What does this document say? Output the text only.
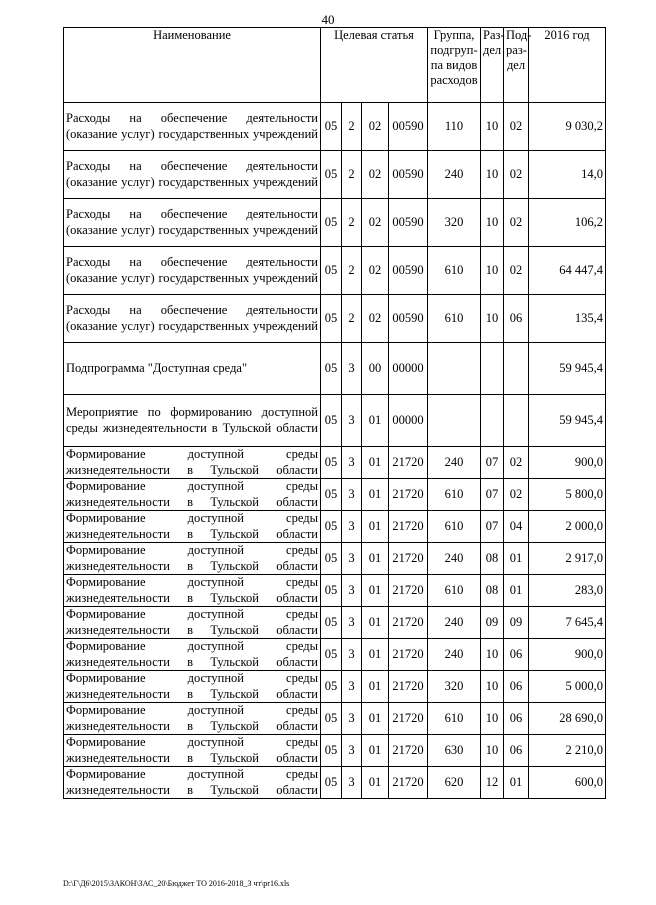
40
Наименование	Целевая статья				Группа, подгруп-па видов расходов	Раз-дел	Под-раз-дел	2016 год
Расходы на обеспечение деятельности (оказание услуг) государственных учреждений	05	2	02	00590	110	10	02	9 030,2
Расходы на обеспечение деятельности (оказание услуг) государственных учреждений	05	2	02	00590	240	10	02	14,0
Расходы на обеспечение деятельности (оказание услуг) государственных учреждений	05	2	02	00590	320	10	02	106,2
Расходы на обеспечение деятельности (оказание услуг) государственных учреждений	05	2	02	00590	610	10	02	64 447,4
Расходы на обеспечение деятельности (оказание услуг) государственных учреждений	05	2	02	00590	610	10	06	135,4
Подпрограмма "Доступная среда"	05	3	00	00000				59 945,4
Мероприятие по формированию доступной среды жизнедеятельности в Тульской области	05	3	01	00000				59 945,4
Формирование доступной среды жизнедеятельности в Тульской области	05	3	01	21720	240	07	02	900,0
Формирование доступной среды жизнедеятельности в Тульской области	05	3	01	21720	610	07	02	5 800,0
Формирование доступной среды жизнедеятельности в Тульской области	05	3	01	21720	610	07	04	2 000,0
Формирование доступной среды жизнедеятельности в Тульской области	05	3	01	21720	240	08	01	2 917,0
Формирование доступной среды жизнедеятельности в Тульской области	05	3	01	21720	610	08	01	283,0
Формирование доступной среды жизнедеятельности в Тульской области	05	3	01	21720	240	09	09	7 645,4
Формирование доступной среды жизнедеятельности в Тульской области	05	3	01	21720	240	10	06	900,0
Формирование доступной среды жизнедеятельности в Тульской области	05	3	01	21720	320	10	06	5 000,0
Формирование доступной среды жизнедеятельности в Тульской области	05	3	01	21720	610	10	06	28 690,0
Формирование доступной среды жизнедеятельности в Тульской области	05	3	01	21720	630	10	06	2 210,0
Формирование доступной среды жизнедеятельности в Тульской области	05	3	01	21720	620	12	01	600,0
D:\Г\Д6\2015\ЗАКОН\ЗАС_20\Бюджет ТО 2016-2018_3 чт\pr16.xls
